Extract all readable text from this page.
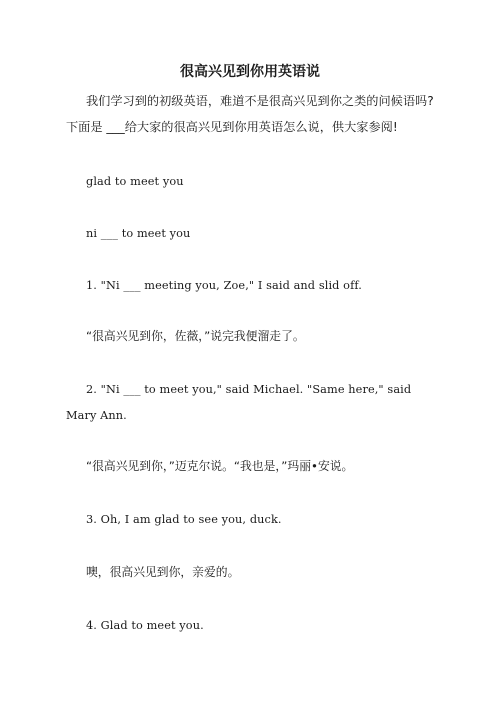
很高兴见到你用英语说
我们学习到的初级英语，难道不是很高兴见到你之类的问候语吗?
下面是 ___给大家的很高兴见到你用英语怎么说，供大家参阅!
glad to meet you
ni ___ to meet you
1. "Ni ___ meeting you, Zoe," I said and slid off.
“很高兴见到你，佐薇，”说完我便溜走了。
2. "Ni ___ to meet you," said Michael. "Same here," said
Mary Ann.
“很高兴见到你，”迈克尔说。“我也是，”玛丽•安说。
3. Oh, I am glad to see you, duck.
噢，很高兴见到你，亲爱的。
4. Glad to meet you.
